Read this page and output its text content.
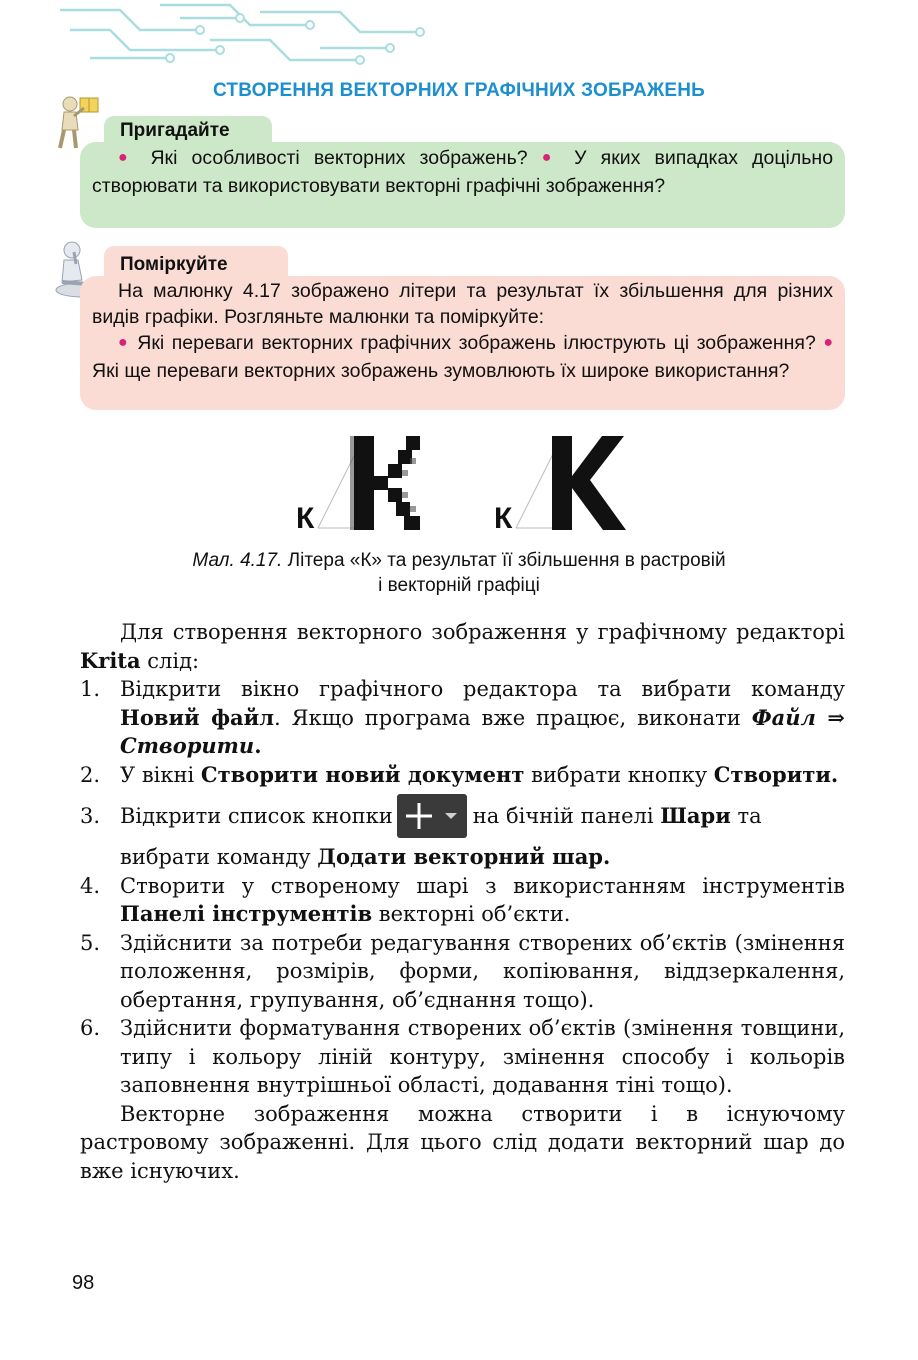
СТВОРЕННЯ ВЕКТОРНИХ ГРАФІЧНИХ ЗОБРАЖЕНЬ
Пригадайте
● Які особливості векторних зображень? ● У яких випадках доцільно створювати та використовувати векторні графічні зображення?
Поміркуйте
На малюнку 4.17 зображено літери та результат їх збільшення для різних видів графіки. Розгляньте малюнки та поміркуйте:
● Які переваги векторних графічних зображень ілюструють ці зображення? ● Які ще переваги векторних зображень зумовлюють їх широке використання?
К	К
Мал. 4.17. Літера «К» та результат її збільшення в растровій
і векторній графіці

Для створення векторного зображення у графічному редакторі Krita слід:

1. Відкрити вікно графічного редактора та вибрати команду Новий файл. Якщо програма вже працює, виконати Файл ⇒ Створити.
2. У вікні Створити новий документ вибрати кнопку Створити.
3. Відкрити список кнопки	на бічній панелі Шари та
вибрати команду Додати векторний шар.
4. Створити у створеному шарі з використанням інструментів Панелі інструментів векторні об’єкти.
5. Здійснити за потреби редагування створених об’єктів (змінення положення, розмірів, форми, копіювання, віддзеркалення, обертання, групування, об’єднання тощо).
6. Здійснити форматування створених об’єктів (змінення товщини, типу і кольору ліній контуру, змінення способу і кольорів заповнення внутрішньої області, додавання тіні тощо).

Векторне зображення можна створити і в існуючому растровому зображенні. Для цього слід додати векторний шар до вже існуючих.

98
